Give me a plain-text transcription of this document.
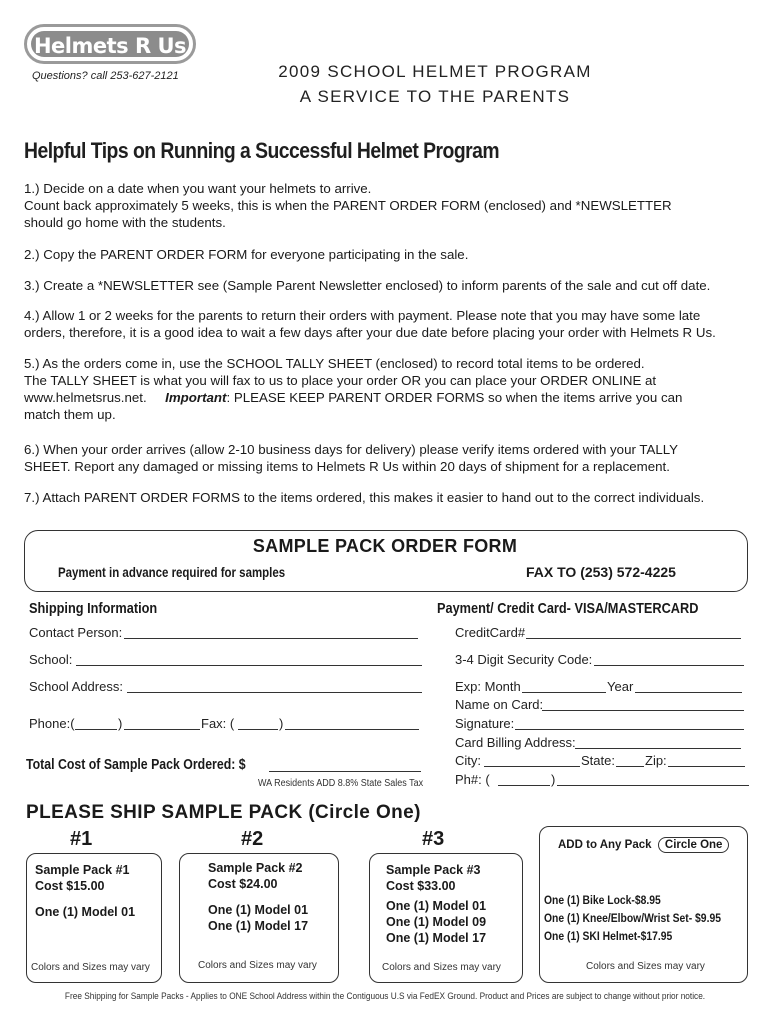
Helmets R Us
Questions? call 253-627-2121	2009 SCHOOL HELMET PROGRAM
A SERVICE TO THE PARENTS
Helpful Tips on Running a Successful Helmet Program
1.) Decide on a date when you want your helmets to arrive.
Count back approximately 5 weeks, this is when the PARENT ORDER FORM (enclosed) and *NEWSLETTER
should go home with the students.
2.) Copy the PARENT ORDER FORM for everyone participating in the sale.
3.) Create a *NEWSLETTER see (Sample Parent Newsletter enclosed) to inform parents of the sale and cut off date.
4.) Allow 1 or 2 weeks for the parents to return their orders with payment. Please note that you may have some late
orders, therefore, it is a good idea to wait a few days after your due date before placing your order with Helmets R Us.
5.) As the orders come in, use the SCHOOL TALLY SHEET (enclosed) to record total items to be ordered.
The TALLY SHEET is what you will fax to us to place your order OR you can place your ORDER ONLINE at
www.helmetsrus.net. Important: PLEASE KEEP PARENT ORDER FORMS so when the items arrive you can
match them up.
6.) When your order arrives (allow 2-10 business days for delivery) please verify items ordered with your TALLY
SHEET. Report any damaged or missing items to Helmets R Us within 20 days of shipment for a replacement.
7.) Attach PARENT ORDER FORMS to the items ordered, this makes it easier to hand out to the correct individuals.
SAMPLE PACK ORDER FORM
Payment in advance required for samples	FAX TO (253) 572-4225
Shipping Information
Contact Person:
School:
School Address:
Phone:(	)	Fax: (	)
Total Cost of Sample Pack Ordered: $
WA Residents ADD 8.8% State Sales Tax
Payment/ Credit Card- VISA/MASTERCARD
CreditCard#
3-4 Digit Security Code:
Exp: Month	Year
Name on Card:
Signature:
Card Billing Address:
City:	State: Zip:
Ph#: (	)
PLEASE SHIP SAMPLE PACK (Circle One)
#1	#2	#3
Sample Pack #1
Cost $15.00
One (1) Model 01
Colors and Sizes may vary
Sample Pack #2
Cost $24.00
One (1) Model 01
One (1) Model 17
Colors and Sizes may vary
Sample Pack #3
Cost $33.00
One (1) Model 01
One (1) Model 09
One (1) Model 17
Colors and Sizes may vary
ADD to Any Pack Circle One
One (1) Bike Lock-$8.95
One (1) Knee/Elbow/Wrist Set- $9.95
One (1) SKI Helmet-$17.95
Colors and Sizes may vary
Free Shipping for Sample Packs - Applies to ONE School Address within the Contiguous U.S via FedEX Ground. Product and Prices are subject to change without prior notice.
